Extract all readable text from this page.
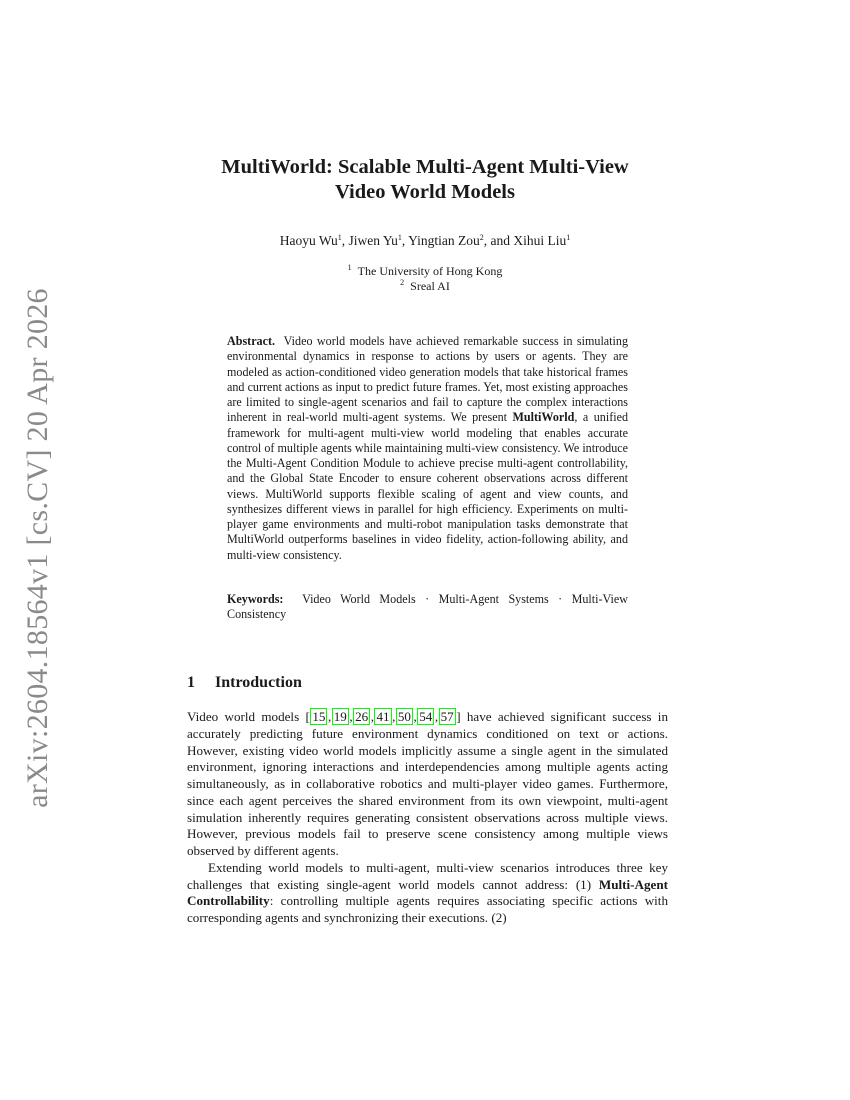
arXiv:2604.18564v1 [cs.CV] 20 Apr 2026
MultiWorld: Scalable Multi-Agent Multi-View
Video World Models
Haoyu Wu$^1$, Jiwen Yu$^1$, Yingtian Zou$^2$, and Xihui Liu$^1$
$^1$ The University of Hong Kong
$^2$ Sreal AI
Abstract. Video world models have achieved remarkable success in simulating environmental dynamics in response to actions by users or agents. They are modeled as action-conditioned video generation models that take historical frames and current actions as input to predict future frames. Yet, most existing approaches are limited to single-agent scenarios and fail to capture the complex interactions inherent in real-world multi-agent systems. We present MultiWorld, a unified framework for multi-agent multi-view world modeling that enables accurate control of multiple agents while maintaining multi-view consistency. We introduce the Multi-Agent Condition Module to achieve precise multi-agent controllability, and the Global State Encoder to ensure coherent observations across different views. MultiWorld supports flexible scaling of agent and view counts, and synthesizes different views in parallel for high efficiency. Experiments on multi-player game environments and multi-robot manipulation tasks demonstrate that MultiWorld outperforms baselines in video fidelity, action-following ability, and multi-view consistency.
Keywords: Video World Models · Multi-Agent Systems · Multi-View Consistency
1 Introduction

Video world models [ 15 , 19 , 26 , 41 , 50 , 54 , 57 ] have achieved significant success in accurately predicting future environment dynamics conditioned on text or actions. However, existing video world models implicitly assume a single agent in the simulated environment, ignoring interactions and interdependencies among multiple agents acting simultaneously, as in collaborative robotics and multi-player video games. Furthermore, since each agent perceives the shared environment from its own viewpoint, multi-agent simulation inherently requires generating consistent observations across multiple views. However, previous models fail to preserve scene consistency among multiple views observed by different agents.

Extending world models to multi-agent, multi-view scenarios introduces three key challenges that existing single-agent world models cannot address: (1) Multi-Agent Controllability: controlling multiple agents requires associating specific actions with corresponding agents and synchronizing their executions. (2)
